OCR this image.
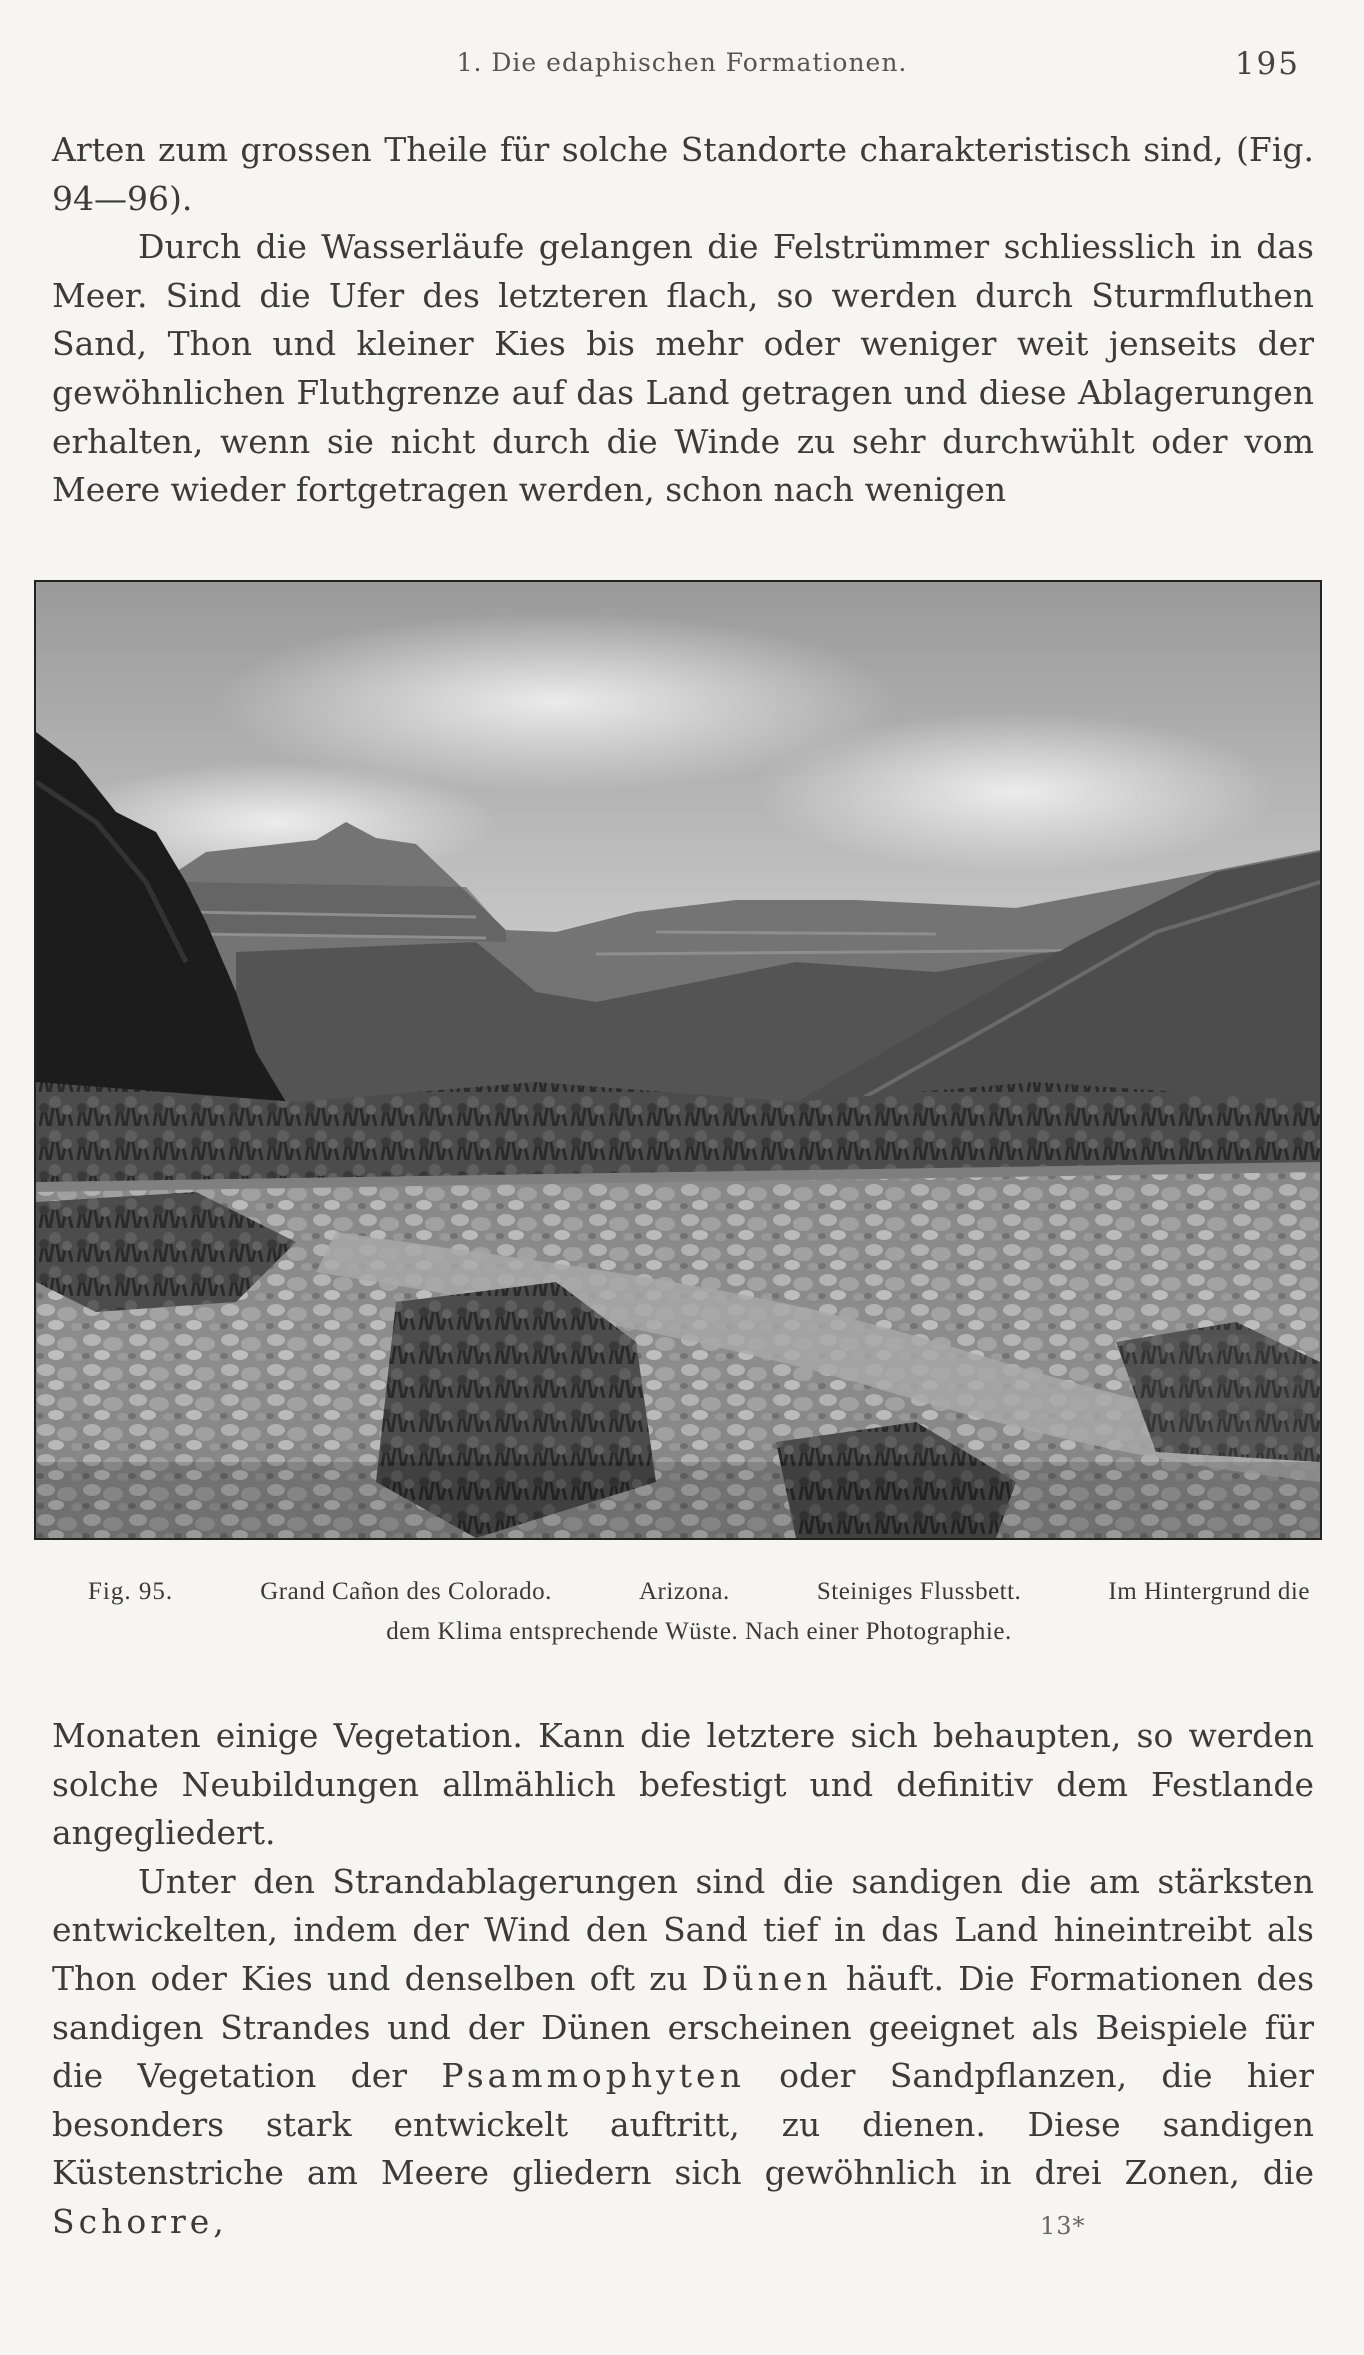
1. Die edaphischen Formationen.	195

Arten zum grossen Theile für solche Standorte charakteristisch sind, (Fig. 94—96).

Durch die Wasserläufe gelangen die Felstrümmer schliesslich in das Meer. Sind die Ufer des letzteren flach, so werden durch Sturmfluthen Sand, Thon und kleiner Kies bis mehr oder weniger weit jenseits der gewöhnlichen Fluthgrenze auf das Land getragen und diese Ablagerungen erhalten, wenn sie nicht durch die Winde zu sehr durchwühlt oder vom Meere wieder fortgetragen werden, schon nach wenigen

Fig. 95.	Grand Cañon des Colorado.	Arizona.	Steiniges Flussbett.	Im Hintergrund die
dem Klima entsprechende Wüste. Nach einer Photographie.

Monaten einige Vegetation. Kann die letztere sich behaupten, so werden solche Neubildungen allmählich befestigt und definitiv dem Festlande angegliedert.

Unter den Strandablagerungen sind die sandigen die am stärksten entwickelten, indem der Wind den Sand tief in das Land hineintreibt als Thon oder Kies und denselben oft zu Dünen häuft. Die Formationen des sandigen Strandes und der Dünen erscheinen geeignet als Beispiele für die Vegetation der Psammophyten oder Sandpflanzen, die hier besonders stark entwickelt auftritt, zu dienen. Diese sandigen Küstenstriche am Meere gliedern sich gewöhnlich in drei Zonen, die Schorre,	13*
